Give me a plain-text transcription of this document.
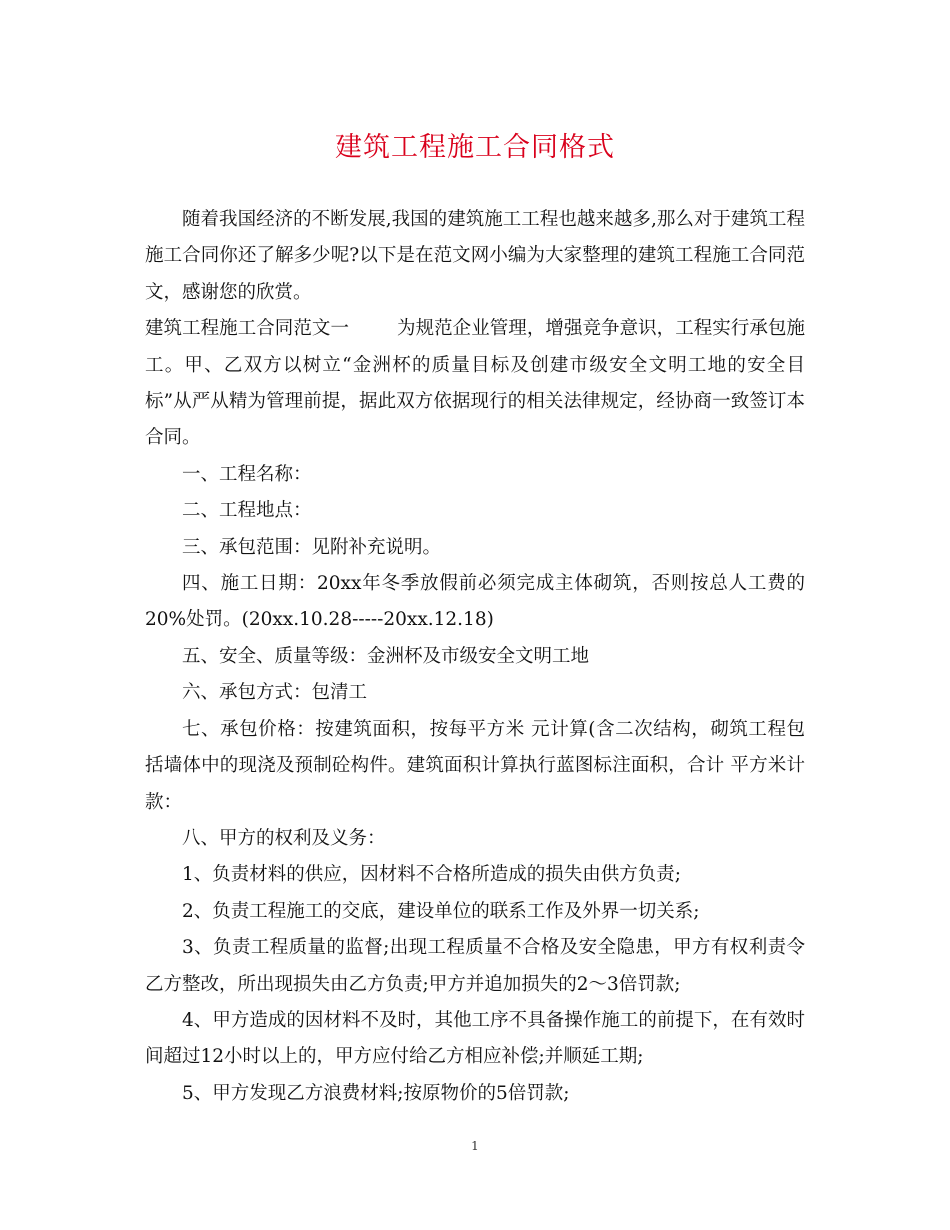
建筑工程施工合同格式

随着我国经济的不断发展,我国的建筑施工工程也越来越多,那么对于建筑工程施工合同你还了解多少呢?以下是在范文网小编为大家整理的建筑工程施工合同范文，感谢您的欣赏。

建筑工程施工合同范文一	为规范企业管理，增强竞争意识，工程实行承包施工。甲、乙双方以树立“金洲杯的质量目标及创建市级安全文明工地的安全目标”从严从精为管理前提，据此双方依据现行的相关法律规定，经协商一致签订本合同。

一、工程名称：

二、工程地点：

三、承包范围：见附补充说明。

四、施工日期：20xx年冬季放假前必须完成主体砌筑，否则按总人工费的20%处罚。(20xx.10.28-----20xx.12.18)

五、安全、质量等级：金洲杯及市级安全文明工地

六、承包方式：包清工

七、承包价格：按建筑面积，按每平方米 元计算(含二次结构，砌筑工程包括墙体中的现浇及预制砼构件。建筑面积计算执行蓝图标注面积，合计 平方米计款：

八、甲方的权利及义务：

1、负责材料的供应，因材料不合格所造成的损失由供方负责;

2、负责工程施工的交底，建设单位的联系工作及外界一切关系;

3、负责工程质量的监督;出现工程质量不合格及安全隐患，甲方有权利责令乙方整改，所出现损失由乙方负责;甲方并追加损失的2～3倍罚款;

4、甲方造成的因材料不及时，其他工序不具备操作施工的前提下，在有效时间超过12小时以上的，甲方应付给乙方相应补偿;并顺延工期;

5、甲方发现乙方浪费材料;按原物价的5倍罚款;

1
